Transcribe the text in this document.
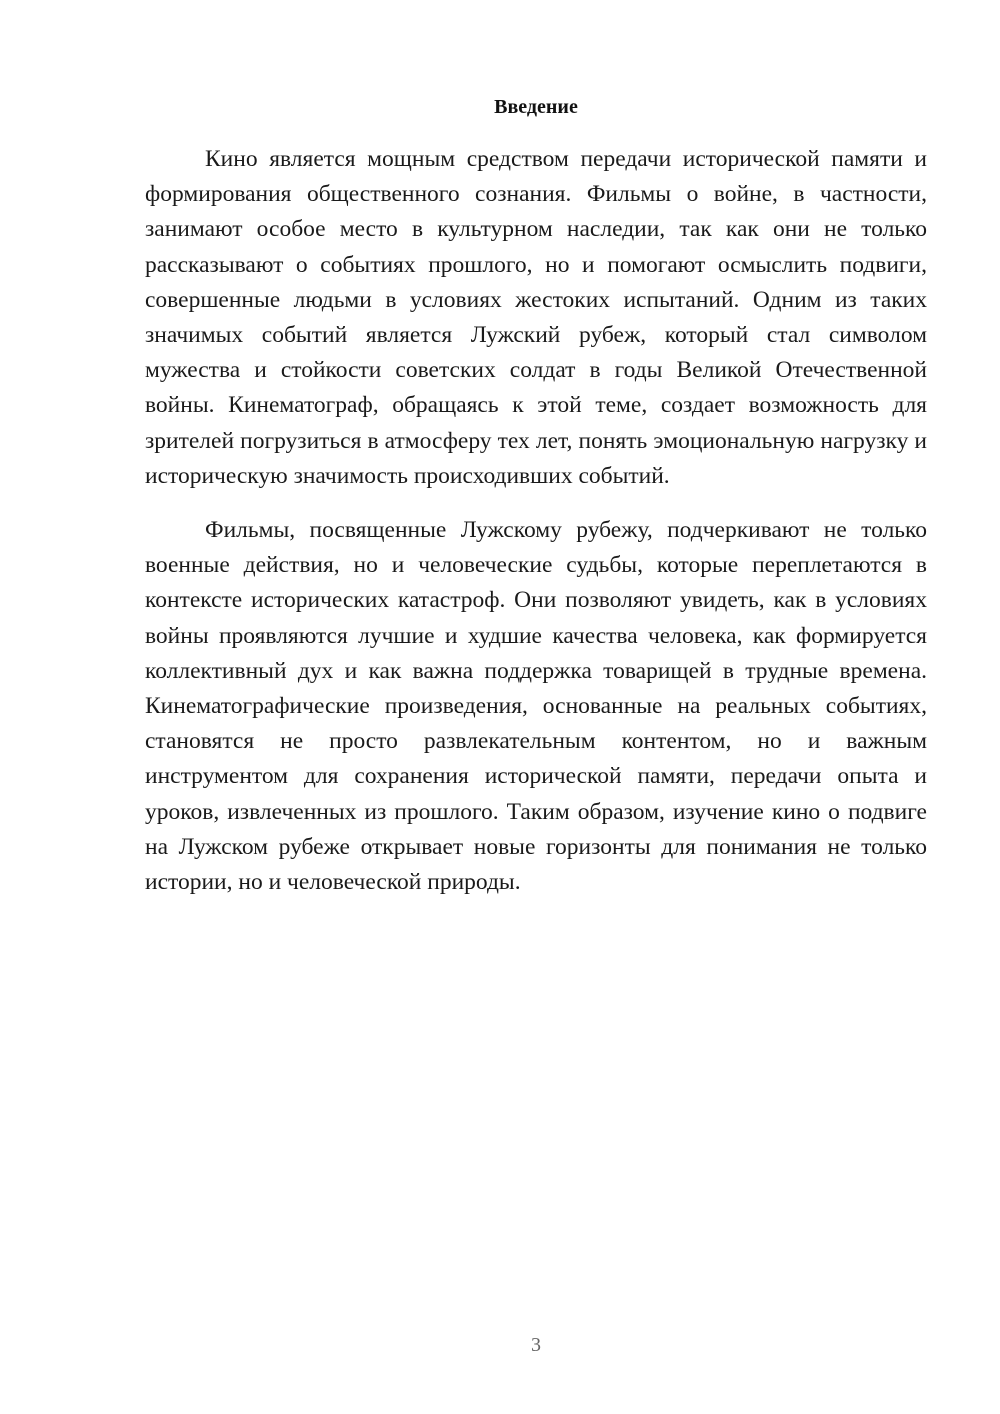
Введение

Кино является мощным средством передачи исторической памяти и формирования общественного сознания. Фильмы о войне, в частности, занимают особое место в культурном наследии, так как они не только рассказывают о событиях прошлого, но и помогают осмыслить подвиги, совершенные людьми в условиях жестоких испытаний. Одним из таких значимых событий является Лужский рубеж, который стал символом мужества и стойкости советских солдат в годы Великой Отечественной войны. Кинематограф, обращаясь к этой теме, создает возможность для зрителей погрузиться в атмосферу тех лет, понять эмоциональную нагрузку и историческую значимость происходивших событий.

Фильмы, посвященные Лужскому рубежу, подчеркивают не только военные действия, но и человеческие судьбы, которые переплетаются в контексте исторических катастроф. Они позволяют увидеть, как в условиях войны проявляются лучшие и худшие качества человека, как формируется коллективный дух и как важна поддержка товарищей в трудные времена. Кинематографические произведения, основанные на реальных событиях, становятся не просто развлекательным контентом, но и важным инструментом для сохранения исторической памяти, передачи опыта и уроков, извлеченных из прошлого. Таким образом, изучение кино о подвиге на Лужском рубеже открывает новые горизонты для понимания не только истории, но и человеческой природы.

3
